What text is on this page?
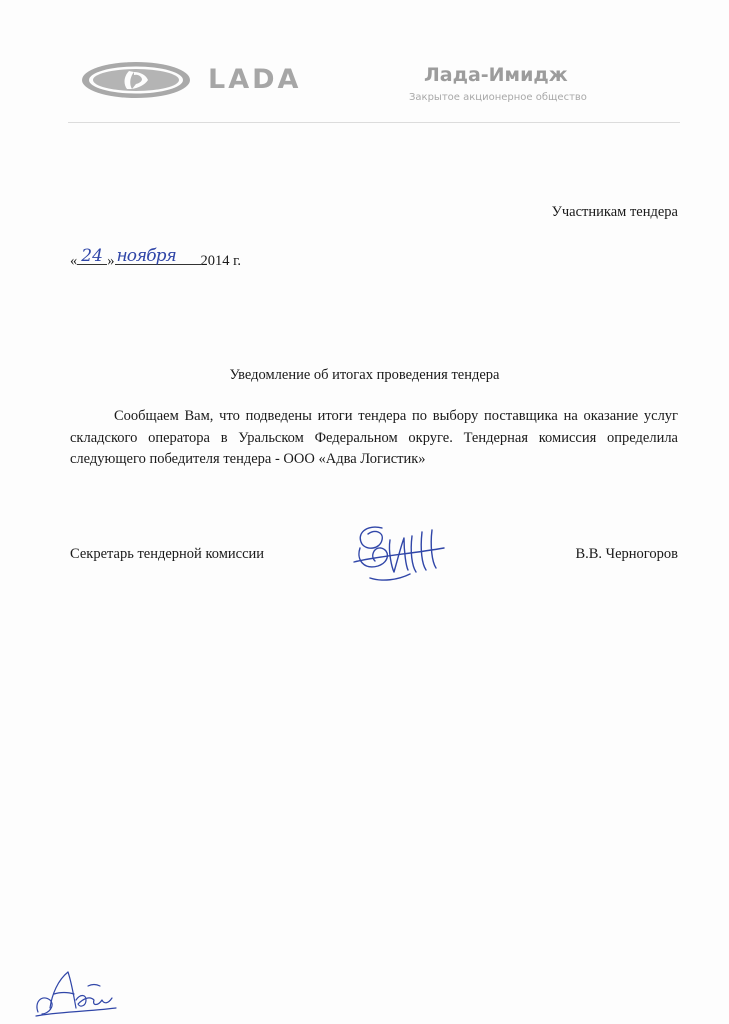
LADA	Лада-Имидж
Закрытое акционерное общество
Участникам тендера
« 24 » ноября 2014 г.
Уведомление об итогах проведения тендера
Сообщаем Вам, что подведены итоги тендера по выбору поставщика на оказание услуг складского оператора в Уральском Федеральном округе. Тендерная комиссия определила следующего победителя тендера - ООО «Адва Логистик»
Секретарь тендерной комиссии	В.В. Черногоров
